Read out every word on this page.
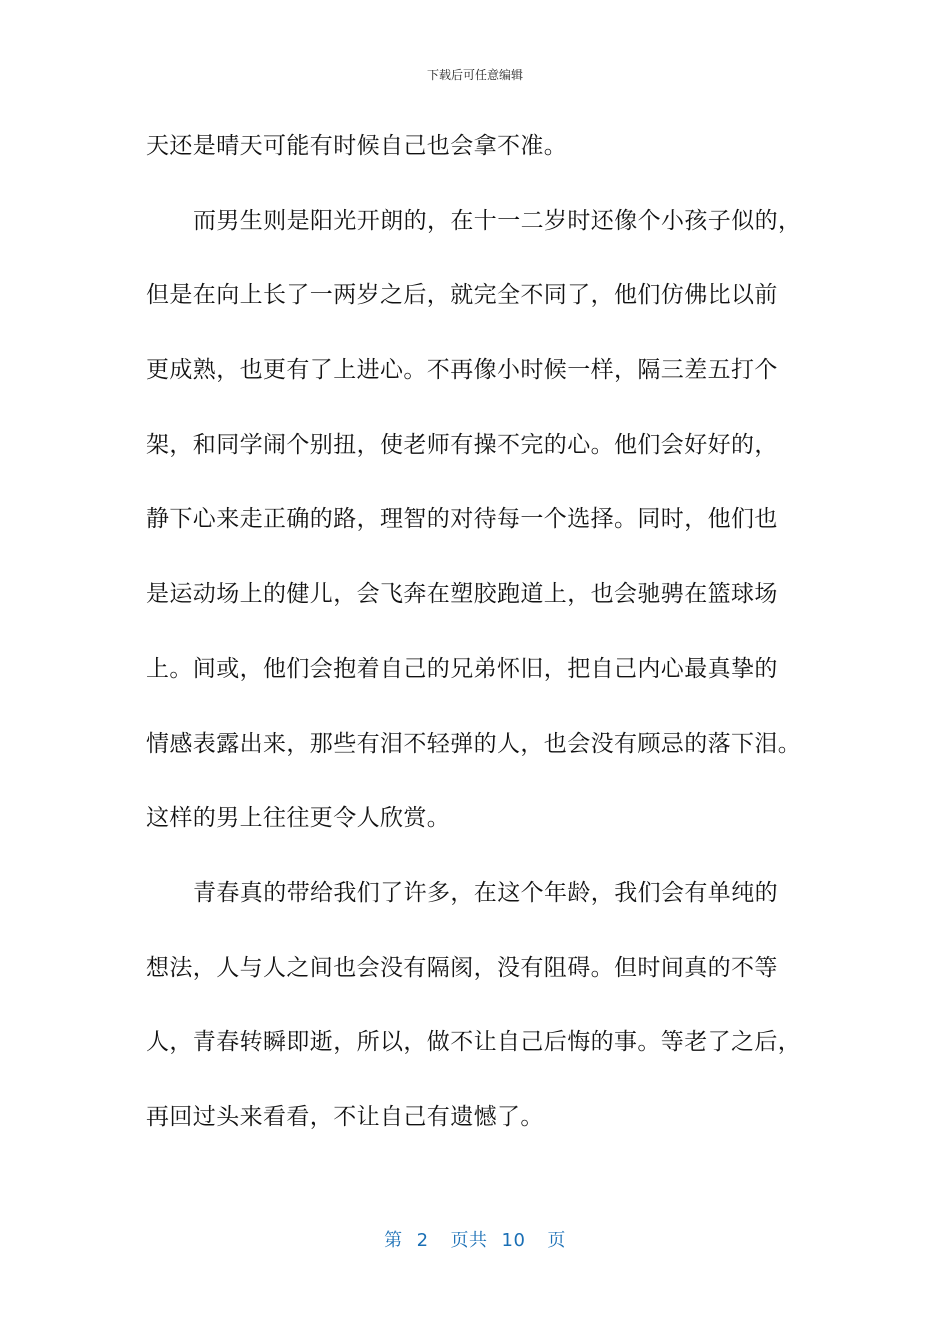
下载后可任意编辑
天还是晴天可能有时候自己也会拿不准。
而男生则是阳光开朗的，在十一二岁时还像个小孩子似的，
但是在向上长了一两岁之后，就完全不同了，他们仿佛比以前
更成熟，也更有了上进心。不再像小时候一样，隔三差五打个
架，和同学闹个别扭，使老师有操不完的心。他们会好好的，
静下心来走正确的路，理智的对待每一个选择。同时，他们也
是运动场上的健儿，会飞奔在塑胶跑道上，也会驰骋在篮球场
上。间或，他们会抱着自己的兄弟怀旧，把自己内心最真挚的
情感表露出来，那些有泪不轻弹的人，也会没有顾忌的落下泪。
这样的男上往往更令人欣赏。
青春真的带给我们了许多，在这个年龄，我们会有单纯的
想法，人与人之间也会没有隔阂，没有阻碍。但时间真的不等
人，青春转瞬即逝，所以，做不让自己后悔的事。等老了之后，
再回过头来看看，不让自己有遗憾了。
第 2 页共 10 页
